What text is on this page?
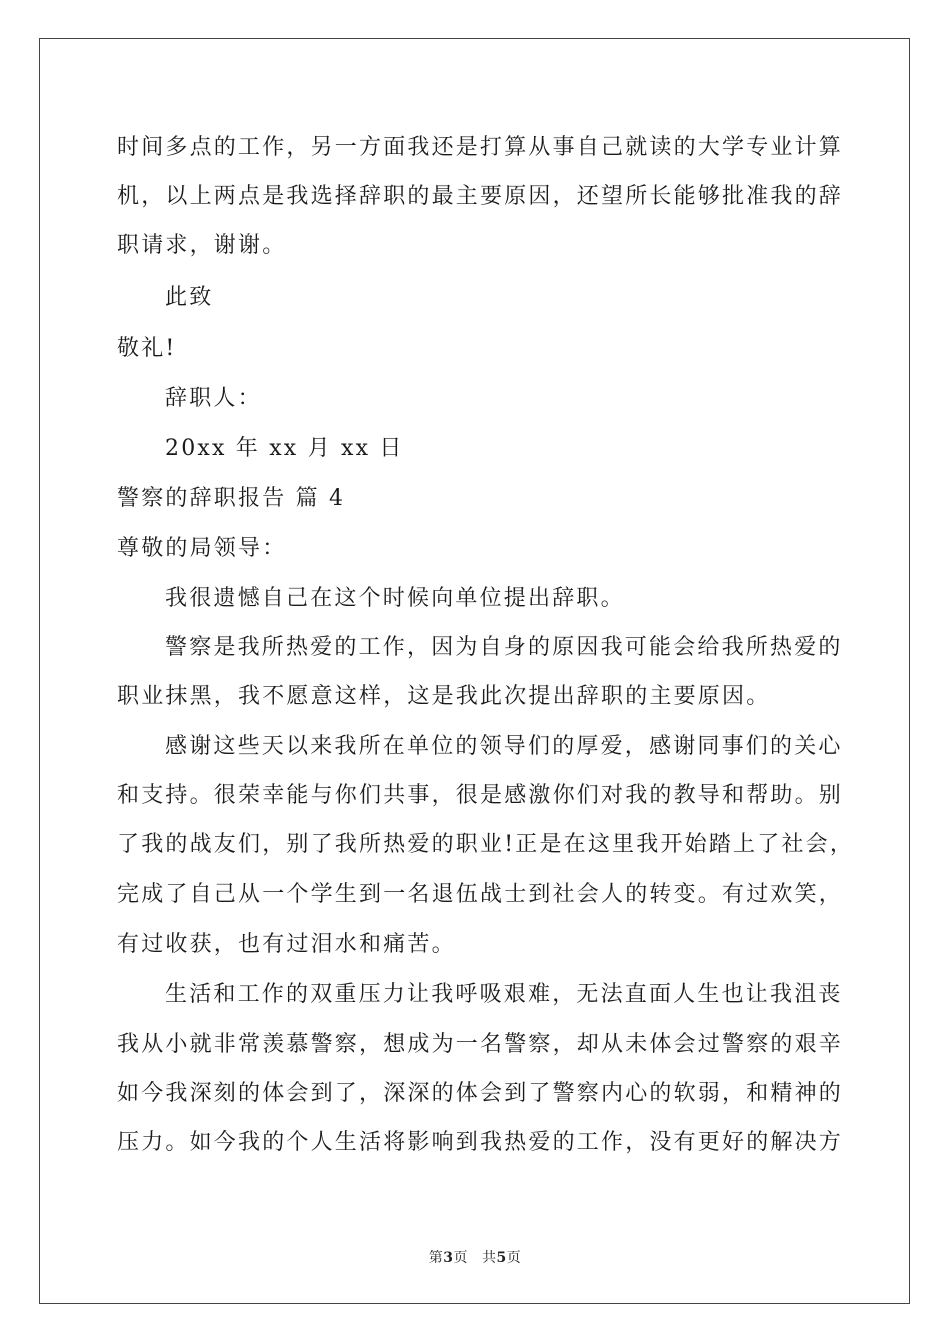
时间多点的工作，另一方面我还是打算从事自己就读的大学专业计算
机，以上两点是我选择辞职的最主要原因，还望所长能够批准我的辞
职请求，谢谢。
此致
敬礼!
辞职人：
20xx 年 xx 月 xx 日
警察的辞职报告 篇 4
尊敬的局领导：
我很遗憾自己在这个时候向单位提出辞职。
警察是我所热爱的工作，因为自身的原因我可能会给我所热爱的
职业抹黑，我不愿意这样，这是我此次提出辞职的主要原因。
感谢这些天以来我所在单位的领导们的厚爱，感谢同事们的关心
和支持。很荣幸能与你们共事，很是感激你们对我的教导和帮助。别
了我的战友们，别了我所热爱的职业!正是在这里我开始踏上了社会，
完成了自己从一个学生到一名退伍战士到社会人的转变。有过欢笑，
有过收获，也有过泪水和痛苦。
生活和工作的双重压力让我呼吸艰难，无法直面人生也让我沮丧
我从小就非常羡慕警察，想成为一名警察，却从未体会过警察的艰辛
如今我深刻的体会到了，深深的体会到了警察内心的软弱，和精神的
压力。如今我的个人生活将影响到我热爱的工作，没有更好的解决方
第3页 共5页
